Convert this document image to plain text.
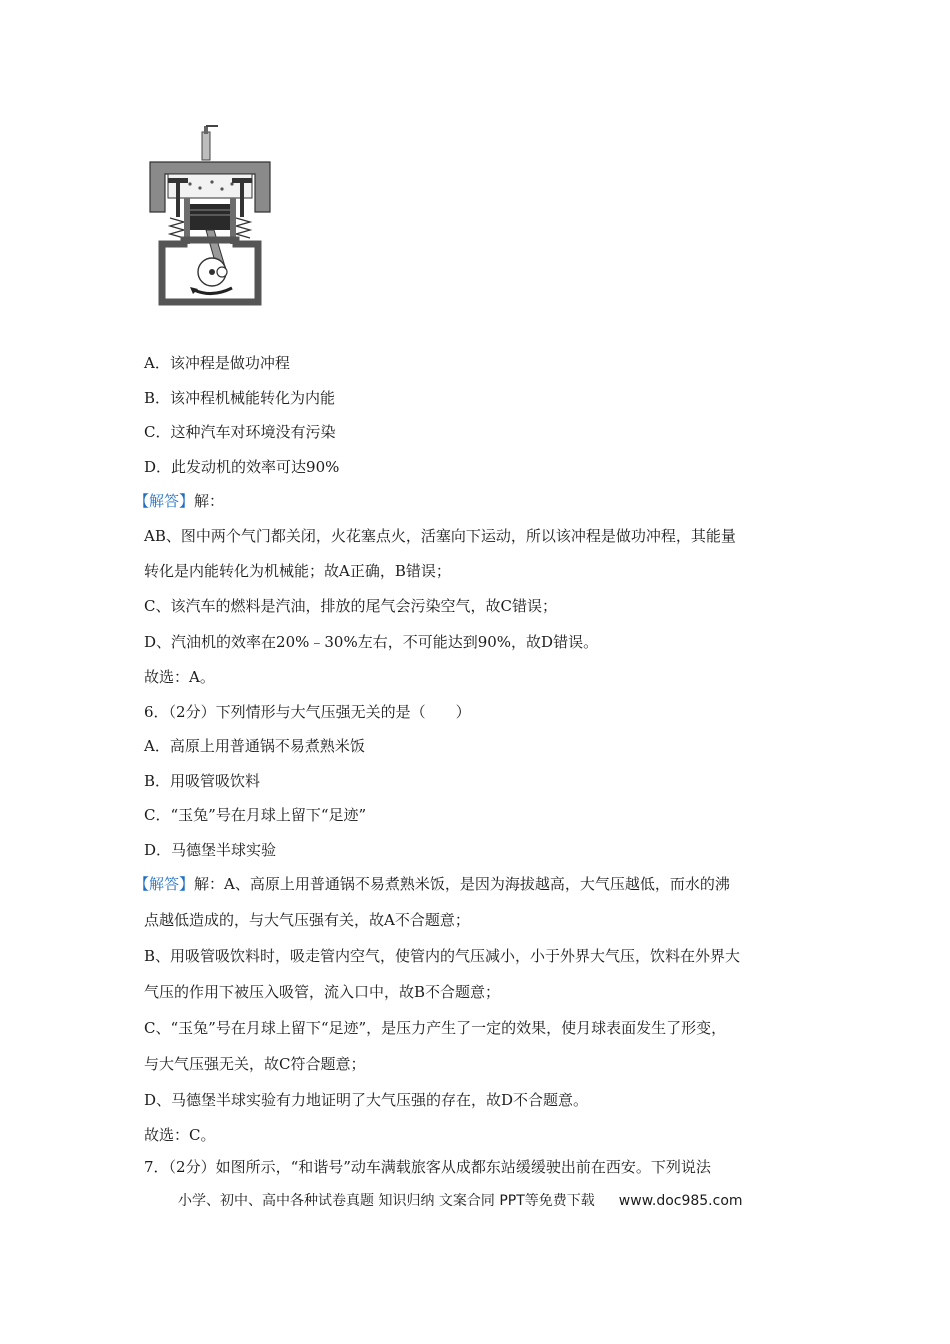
A．该冲程是做功冲程
B．该冲程机械能转化为内能
C．这种汽车对环境没有污染
D．此发动机的效率可达90%
【解答】解：
AB、图中两个气门都关闭，火花塞点火，活塞向下运动，所以该冲程是做功冲程，其能量
转化是内能转化为机械能；故A正确，B错误；
C、该汽车的燃料是汽油，排放的尾气会污染空气，故C错误；
D、汽油机的效率在20%﹣30%左右，不可能达到90%，故D错误。
故选：A。
6．（2分）下列情形与大气压强无关的是（　　）
A．高原上用普通锅不易煮熟米饭
B．用吸管吸饮料
C．“玉兔”号在月球上留下“足迹”
D．马德堡半球实验
【解答】解：A、高原上用普通锅不易煮熟米饭，是因为海拔越高，大气压越低，而水的沸
点越低造成的，与大气压强有关，故A不合题意；
B、用吸管吸饮料时，吸走管内空气，使管内的气压减小，小于外界大气压，饮料在外界大
气压的作用下被压入吸管，流入口中，故B不合题意；
C、“玉兔”号在月球上留下“足迹”，是压力产生了一定的效果，使月球表面发生了形变，
与大气压强无关，故C符合题意；
D、马德堡半球实验有力地证明了大气压强的存在，故D不合题意。
故选：C。
7．（2分）如图所示，“和谐号”动车满载旅客从成都东站缓缓驶出前在西安。下列说法
小学、初中、高中各种试卷真题 知识归纳 文案合同 PPT等免费下载 www.doc985.com
